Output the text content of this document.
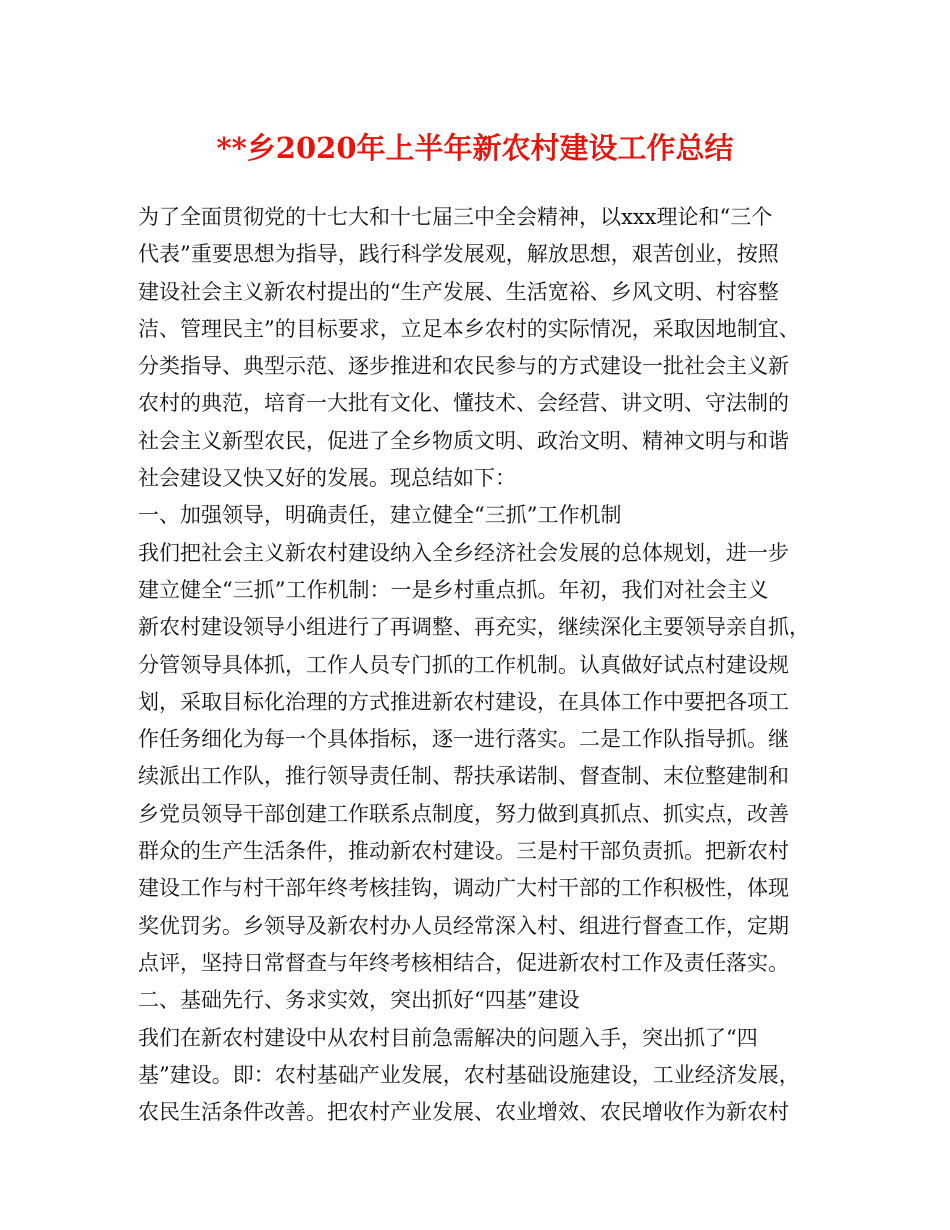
**乡2020年上半年新农村建设工作总结
为了全面贯彻党的十七大和十七届三中全会精神，以xxx理论和“三个
代表”重要思想为指导，践行科学发展观，解放思想，艰苦创业，按照
建设社会主义新农村提出的“生产发展、生活宽裕、乡风文明、村容整
洁、管理民主”的目标要求，立足本乡农村的实际情况，采取因地制宜、
分类指导、典型示范、逐步推进和农民参与的方式建设一批社会主义新
农村的典范，培育一大批有文化、懂技术、会经营、讲文明、守法制的
社会主义新型农民，促进了全乡物质文明、政治文明、精神文明与和谐
社会建设又快又好的发展。现总结如下：
一、加强领导，明确责任，建立健全“三抓”工作机制
我们把社会主义新农村建设纳入全乡经济社会发展的总体规划，进一步
建立健全“三抓”工作机制：一是乡村重点抓。年初，我们对社会主义
新农村建设领导小组进行了再调整、再充实，继续深化主要领导亲自抓，
分管领导具体抓，工作人员专门抓的工作机制。认真做好试点村建设规
划，采取目标化治理的方式推进新农村建设，在具体工作中要把各项工
作任务细化为每一个具体指标，逐一进行落实。二是工作队指导抓。继
续派出工作队，推行领导责任制、帮扶承诺制、督查制、末位整建制和
乡党员领导干部创建工作联系点制度，努力做到真抓点、抓实点，改善
群众的生产生活条件，推动新农村建设。三是村干部负责抓。把新农村
建设工作与村干部年终考核挂钩，调动广大村干部的工作积极性，体现
奖优罚劣。乡领导及新农村办人员经常深入村、组进行督查工作，定期
点评，坚持日常督查与年终考核相结合，促进新农村工作及责任落实。
二、基础先行、务求实效，突出抓好“四基”建设
我们在新农村建设中从农村目前急需解决的问题入手，突出抓了“四
基”建设。即：农村基础产业发展，农村基础设施建设，工业经济发展，
农民生活条件改善。把农村产业发展、农业增效、农民增收作为新农村
